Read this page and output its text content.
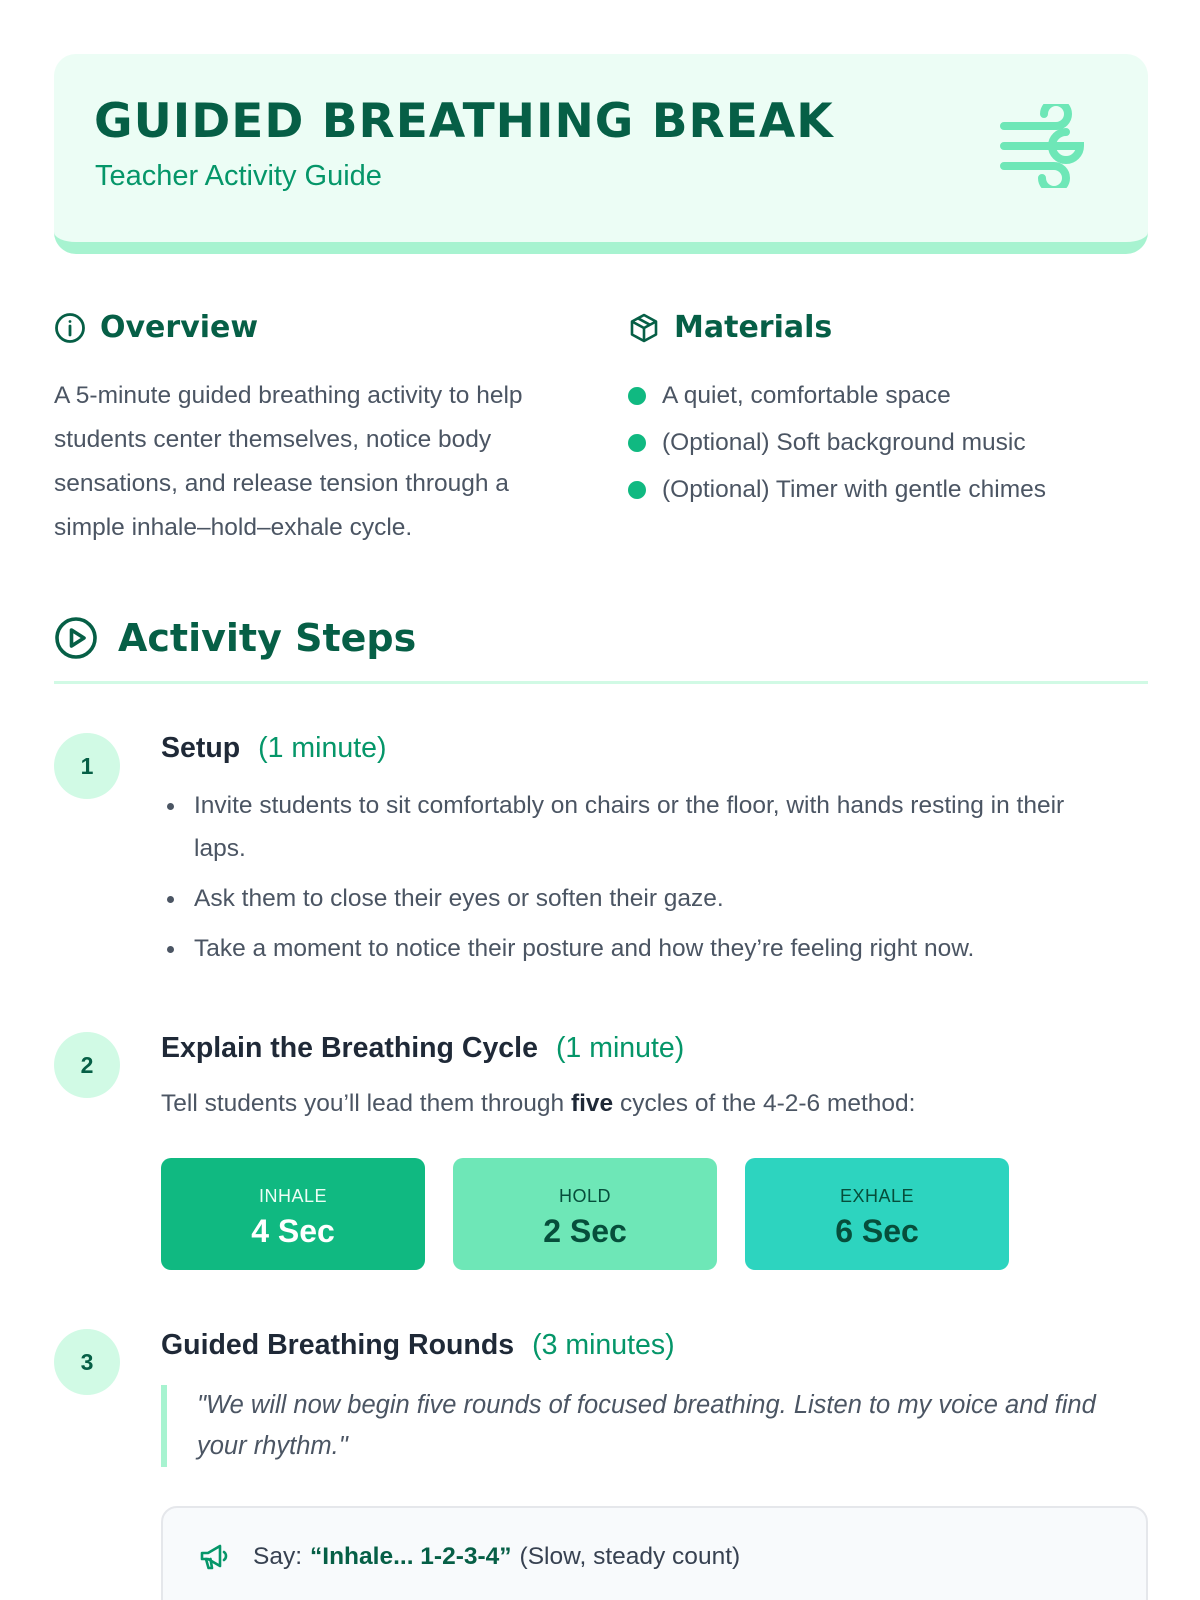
GUIDED BREATHING BREAK
Teacher Activity Guide
Overview

A 5-minute guided breathing activity to help students center themselves, notice body sensations, and release tension through a simple inhale–hold–exhale cycle.

Materials
A quiet, comfortable space
(Optional) Soft background music
(Optional) Timer with gentle chimes
Activity Steps
1
Setup (1 minute)
Invite students to sit comfortably on chairs or the floor, with hands resting in their laps.
Ask them to close their eyes or soften their gaze.
Take a moment to notice their posture and how they’re feeling right now.
2
Explain the Breathing Cycle (1 minute)
Tell students you’ll lead them through five cycles of the 4-2-6 method:
INHALE
4 Sec
HOLD
2 Sec
EXHALE
6 Sec
3
Guided Breathing Rounds (3 minutes)
"We will now begin five rounds of focused breathing. Listen to my voice and find your rhythm."
Say: “Inhale... 1-2-3-4” (Slow, steady count)
